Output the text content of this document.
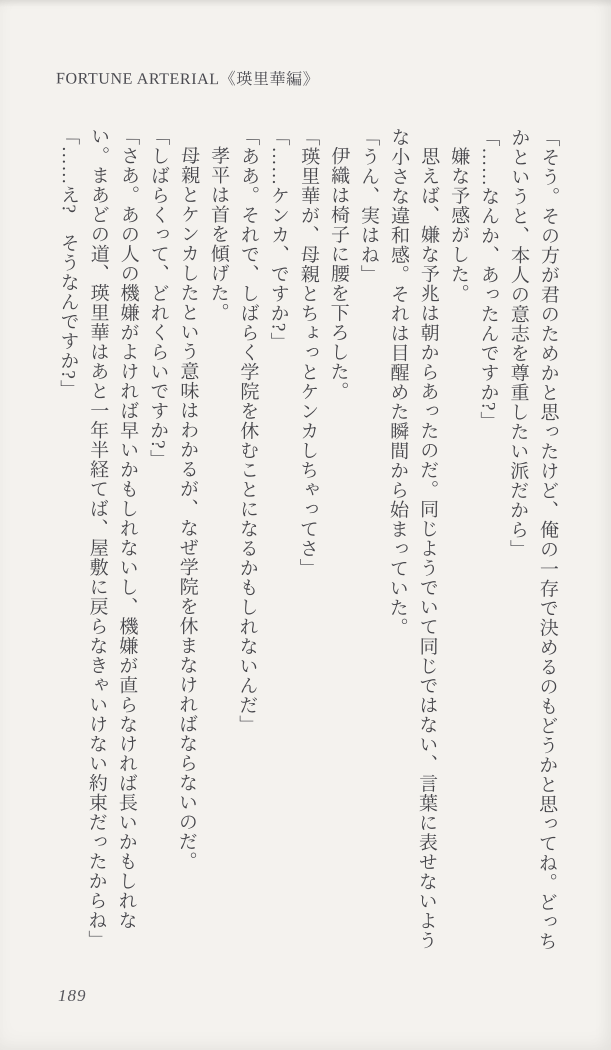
FORTUNE ARTERIAL《瑛里華編》

「そう。その方が君のためかと思ったけど、俺の一存で決めるのもどうかと思ってね。どっちかというと、本人の意志を尊重したい派だから」

「……なんか、あったんですか?」

嫌な予感がした。

思えば、嫌な予兆は朝からあったのだ。同じようでいて同じではない、言葉に表せないような小さな違和感。それは目醒めた瞬間から始まっていた。

「うん、実はね」

伊織は椅子に腰を下ろした。

「瑛里華が、母親とちょっとケンカしちゃってさ」

「……ケンカ、ですか?」

「ああ。それで、しばらく学院を休むことになるかもしれないんだ」

孝平は首を傾げた。

母親とケンカしたという意味はわかるが、なぜ学院を休まなければならないのだ。

「しばらくって、どれくらいですか?」

「さあ。あの人の機嫌がよければ早いかもしれないし、機嫌が直らなければ長いかもしれない。まあどの道、瑛里華はあと一年半経てば、屋敷に戻らなきゃいけない約束だったからね」

「……え?　そうなんですか?」

189
